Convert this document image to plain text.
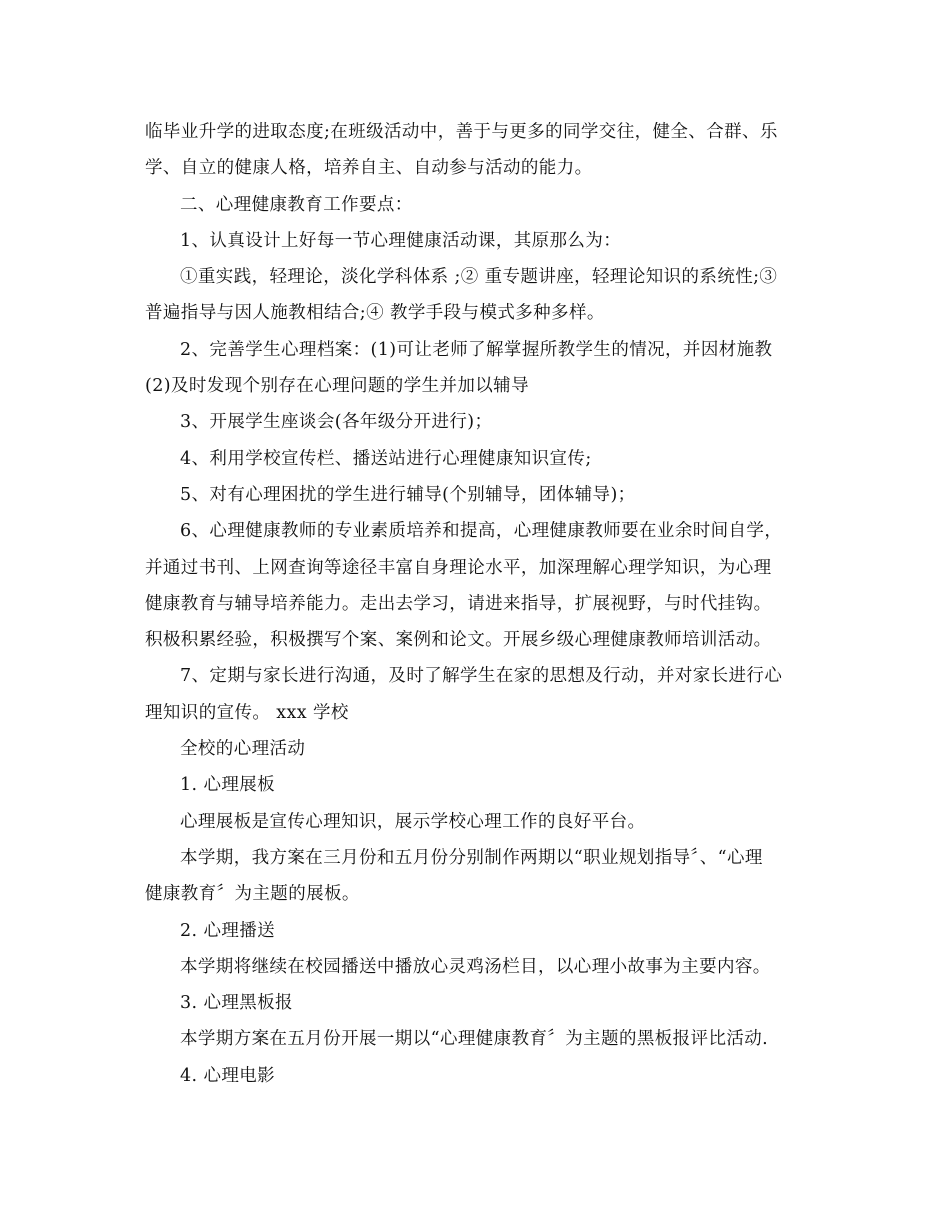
临毕业升学的进取态度;在班级活动中，善于与更多的同学交往，健全、合群、乐
学、自立的健康人格，培养自主、自动参与活动的能力。
二、心理健康教育工作要点：
1、认真设计上好每一节心理健康活动课，其原那么为：
①重实践，轻理论，淡化学科体系 ;② 重专题讲座，轻理论知识的系统性;③
普遍指导与因人施教相结合;④ 教学手段与模式多种多样。
2、完善学生心理档案：(1)可让老师了解掌握所教学生的情况，并因材施教
(2)及时发现个别存在心理问题的学生并加以辅导
3、开展学生座谈会(各年级分开进行)；
4、利用学校宣传栏、播送站进行心理健康知识宣传;
5、对有心理困扰的学生进行辅导(个别辅导，团体辅导)；
6、心理健康教师的专业素质培养和提高，心理健康教师要在业余时间自学，
并通过书刊、上网查询等途径丰富自身理论水平，加深理解心理学知识，为心理
健康教育与辅导培养能力。走出去学习，请进来指导，扩展视野，与时代挂钩。
积极积累经验，积极撰写个案、案例和论文。开展乡级心理健康教师培训活动。
7、定期与家长进行沟通，及时了解学生在家的思想及行动，并对家长进行心
理知识的宣传。 xxx 学校
全校的心理活动
1. 心理展板
心理展板是宣传心理知识，展示学校心理工作的良好平台。
本学期，我方案在三月份和五月份分别制作两期以“职业规划指导〞、“心理
健康教育〞为主题的展板。
2. 心理播送
本学期将继续在校园播送中播放心灵鸡汤栏目，以心理小故事为主要内容。
3. 心理黑板报
本学期方案在五月份开展一期以“心理健康教育〞为主题的黑板报评比活动.
4. 心理电影
